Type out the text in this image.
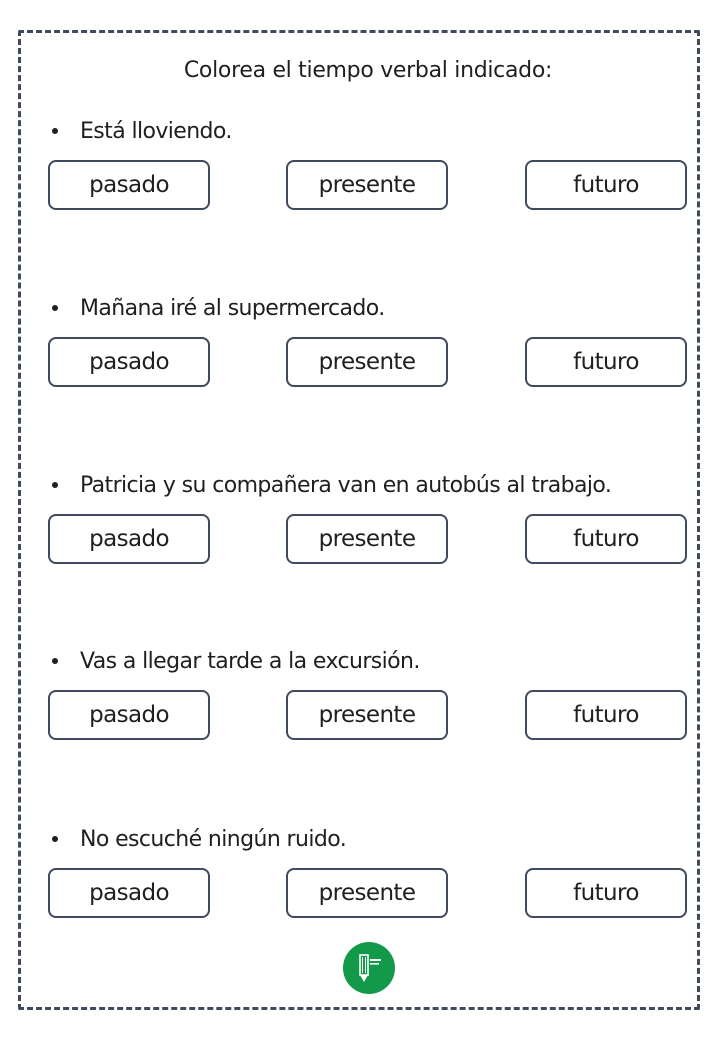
Colorea el tiempo verbal indicado:
Está lloviendo.
pasado	presente	futuro
Mañana iré al supermercado.
pasado	presente	futuro
Patricia y su compañera van en autobús al trabajo.
pasado	presente	futuro
Vas a llegar tarde a la excursión.
pasado	presente	futuro
No escuché ningún ruido.
pasado	presente	futuro
